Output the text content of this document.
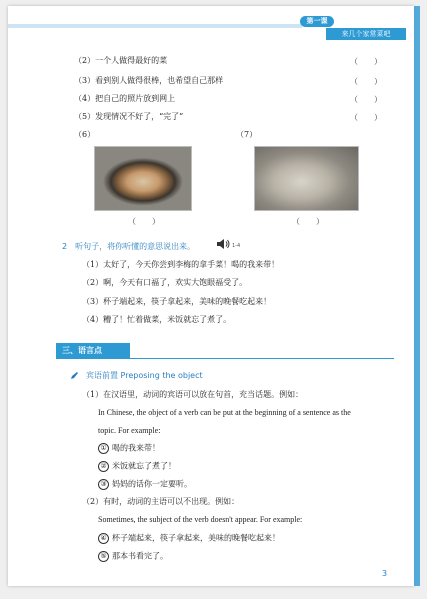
第一课
来几个家常菜吧
（2）一个人做得最好的菜	（　　）
（3）看到别人做得很棒，也希望自己那样	（　　）
（4）把自己的照片放到网上	（　　）
（5）发现情况不好了，“完了”	（　　）
（6）	（7）
（　　）	（　　）
2　听句子，将你听懂的意思说出来。	1-4
（1）太好了，今天你尝到李梅的拿手菜！喝的我来带！
（2）啊，今天有口福了，欢实大饱眼福受了。
（3）杯子端起来，筷子拿起来，美味的晚餐吃起来！
（4）糟了！忙着做菜，米饭就忘了煮了。
三、语言点
宾语前置 Preposing the object
（1）在汉语里，动词的宾语可以放在句首，充当话题。例如：
In Chinese, the object of a verb can be put at the beginning of a sentence as the
topic. For example:
① 喝的我来带！
② 米饭就忘了煮了！
③ 妈妈的话你一定要听。
（2）有时，动词的主语可以不出现。例如：
Sometimes, the subject of the verb doesn't appear. For example:
④ 杯子端起来，筷子拿起来，美味的晚餐吃起来！
⑤ 那本书看完了。
3
